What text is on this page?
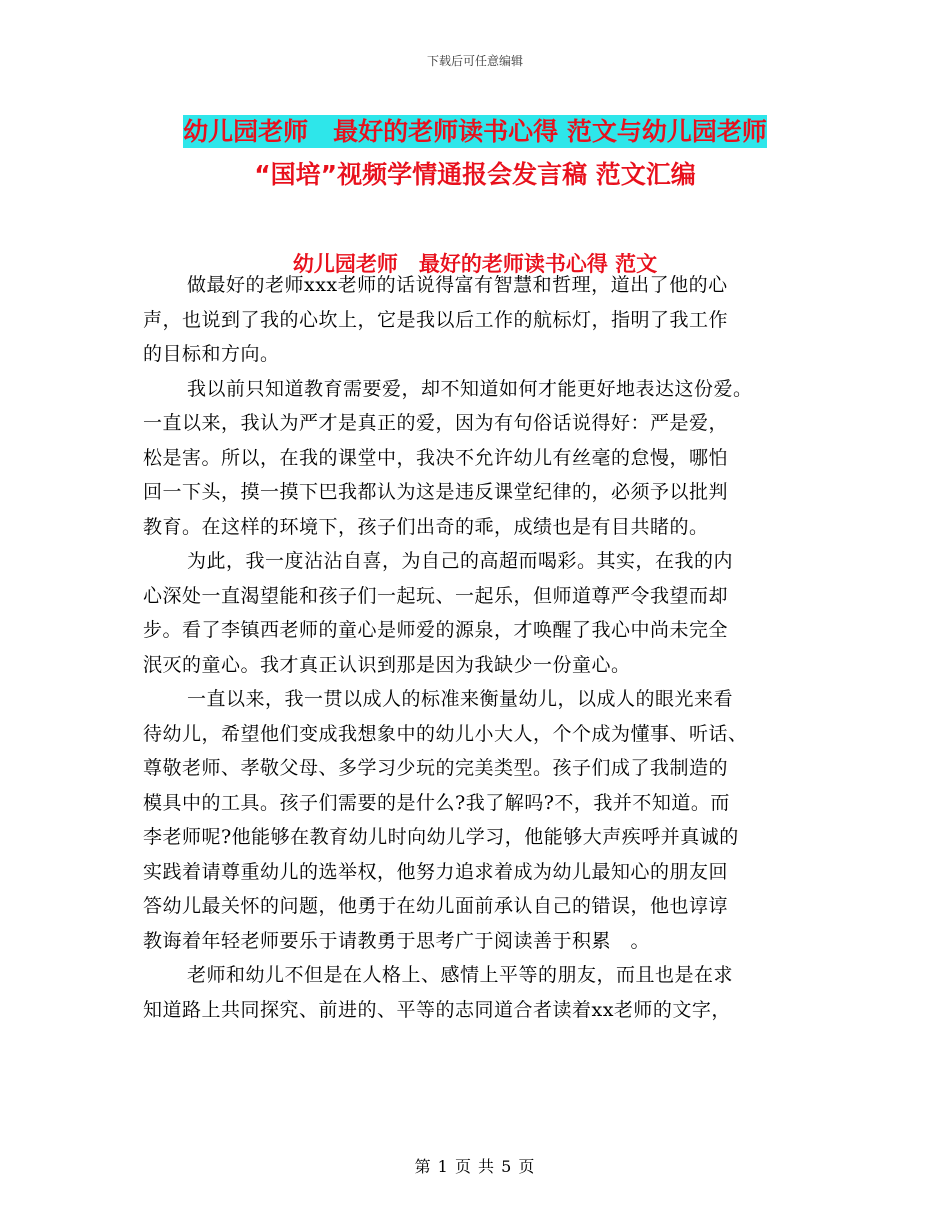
下载后可任意编辑
幼儿园老师　最好的老师读书心得 范文与幼儿园老师
“国培”视频学情通报会发言稿 范文汇编
幼儿园老师　最好的老师读书心得 范文

做最好的老师xxx老师的话说得富有智慧和哲理，道出了他的心
声，也说到了我的心坎上，它是我以后工作的航标灯，指明了我工作
的目标和方向。

我以前只知道教育需要爱，却不知道如何才能更好地表达这份爱。
一直以来，我认为严才是真正的爱，因为有句俗话说得好：严是爱，
松是害。所以，在我的课堂中，我决不允许幼儿有丝毫的怠慢，哪怕
回一下头，摸一摸下巴我都认为这是违反课堂纪律的，必须予以批判
教育。在这样的环境下，孩子们出奇的乖，成绩也是有目共睹的。

为此，我一度沾沾自喜，为自己的高超而喝彩。其实，在我的内
心深处一直渴望能和孩子们一起玩、一起乐，但师道尊严令我望而却
步。看了李镇西老师的童心是师爱的源泉，才唤醒了我心中尚未完全
泯灭的童心。我才真正认识到那是因为我缺少一份童心。

一直以来，我一贯以成人的标准来衡量幼儿，以成人的眼光来看
待幼儿，希望他们变成我想象中的幼儿小大人，个个成为懂事、听话、
尊敬老师、孝敬父母、多学习少玩的完美类型。孩子们成了我制造的
模具中的工具。孩子们需要的是什么?我了解吗?不，我并不知道。而
李老师呢?他能够在教育幼儿时向幼儿学习，他能够大声疾呼并真诚的
实践着请尊重幼儿的选举权，他努力追求着成为幼儿最知心的朋友回
答幼儿最关怀的问题，他勇于在幼儿面前承认自己的错误，他也谆谆
教诲着年轻老师要乐于请教勇于思考广于阅读善于积累　。

老师和幼儿不但是在人格上、感情上平等的朋友，而且也是在求
知道路上共同探究、前进的、平等的志同道合者读着xx老师的文字，

第 1 页 共 5 页
